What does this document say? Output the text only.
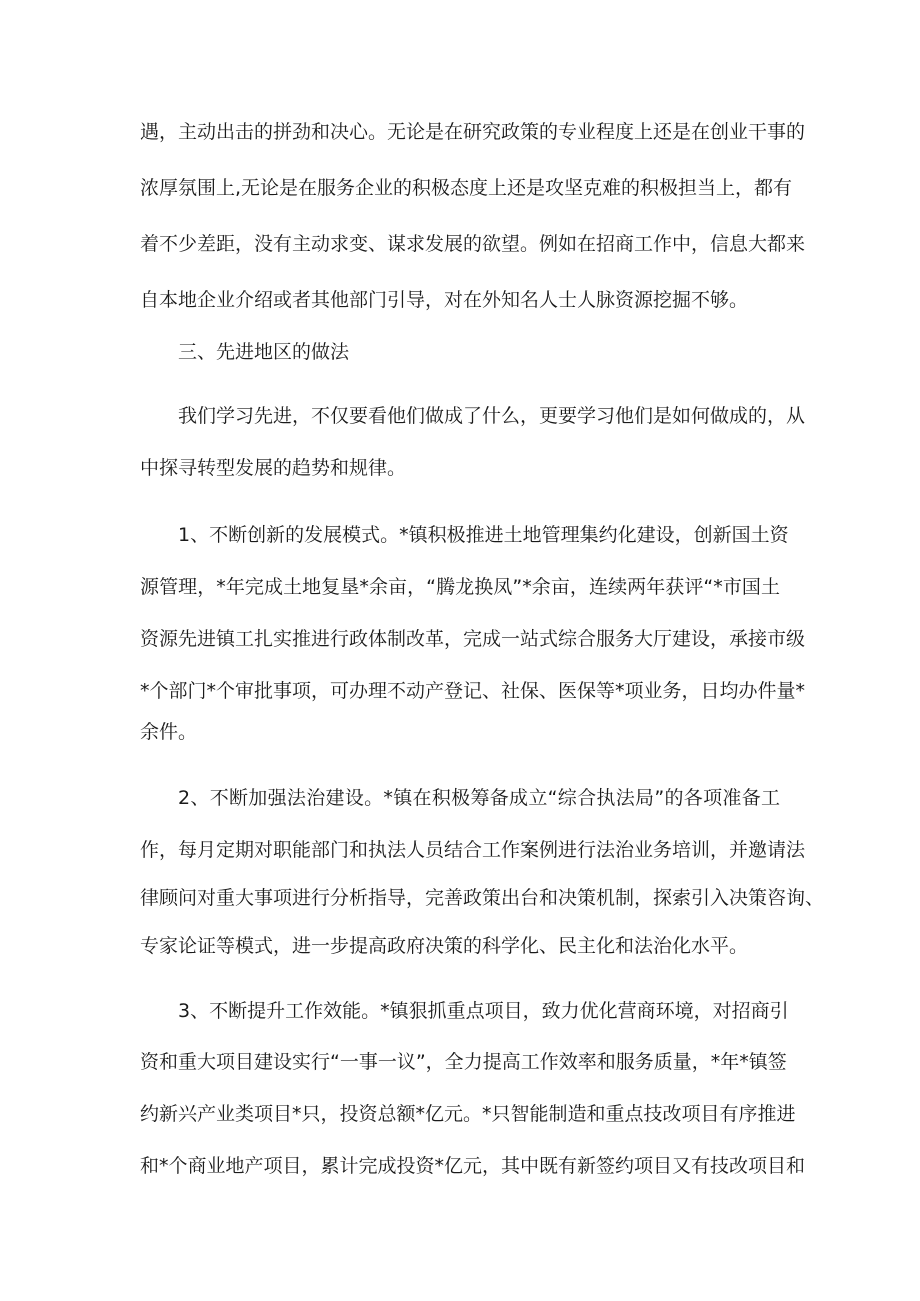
遇，主动出击的拼劲和决心。无论是在研究政策的专业程度上还是在创业干事的
浓厚氛围上,无论是在服务企业的积极态度上还是攻坚克难的积极担当上，都有
着不少差距，没有主动求变、谋求发展的欲望。例如在招商工作中，信息大都来
自本地企业介绍或者其他部门引导，对在外知名人士人脉资源挖掘不够。
三、先进地区的做法
我们学习先进，不仅要看他们做成了什么，更要学习他们是如何做成的，从
中探寻转型发展的趋势和规律。
1、不断创新的发展模式。*镇积极推进土地管理集约化建设，创新国土资
源管理，*年完成土地复垦*余亩，“腾龙换凤”*余亩，连续两年获评“*市国土
资源先进镇工扎实推进行政体制改革，完成一站式综合服务大厅建设，承接市级
*个部门*个审批事项，可办理不动产登记、社保、医保等*项业务，日均办件量*
余件。
2、不断加强法治建设。*镇在积极筹备成立“综合执法局”的各项准备工
作，每月定期对职能部门和执法人员结合工作案例进行法治业务培训，并邀请法
律顾问对重大事项进行分析指导，完善政策出台和决策机制，探索引入决策咨询、
专家论证等模式，进一步提高政府决策的科学化、民主化和法治化水平。
3、不断提升工作效能。*镇狠抓重点项目，致力优化营商环境，对招商引
资和重大项目建设实行“一事一议”，全力提高工作效率和服务质量，*年*镇签
约新兴产业类项目*只，投资总额*亿元。*只智能制造和重点技改项目有序推进
和*个商业地产项目，累计完成投资*亿元，其中既有新签约项目又有技改项目和
